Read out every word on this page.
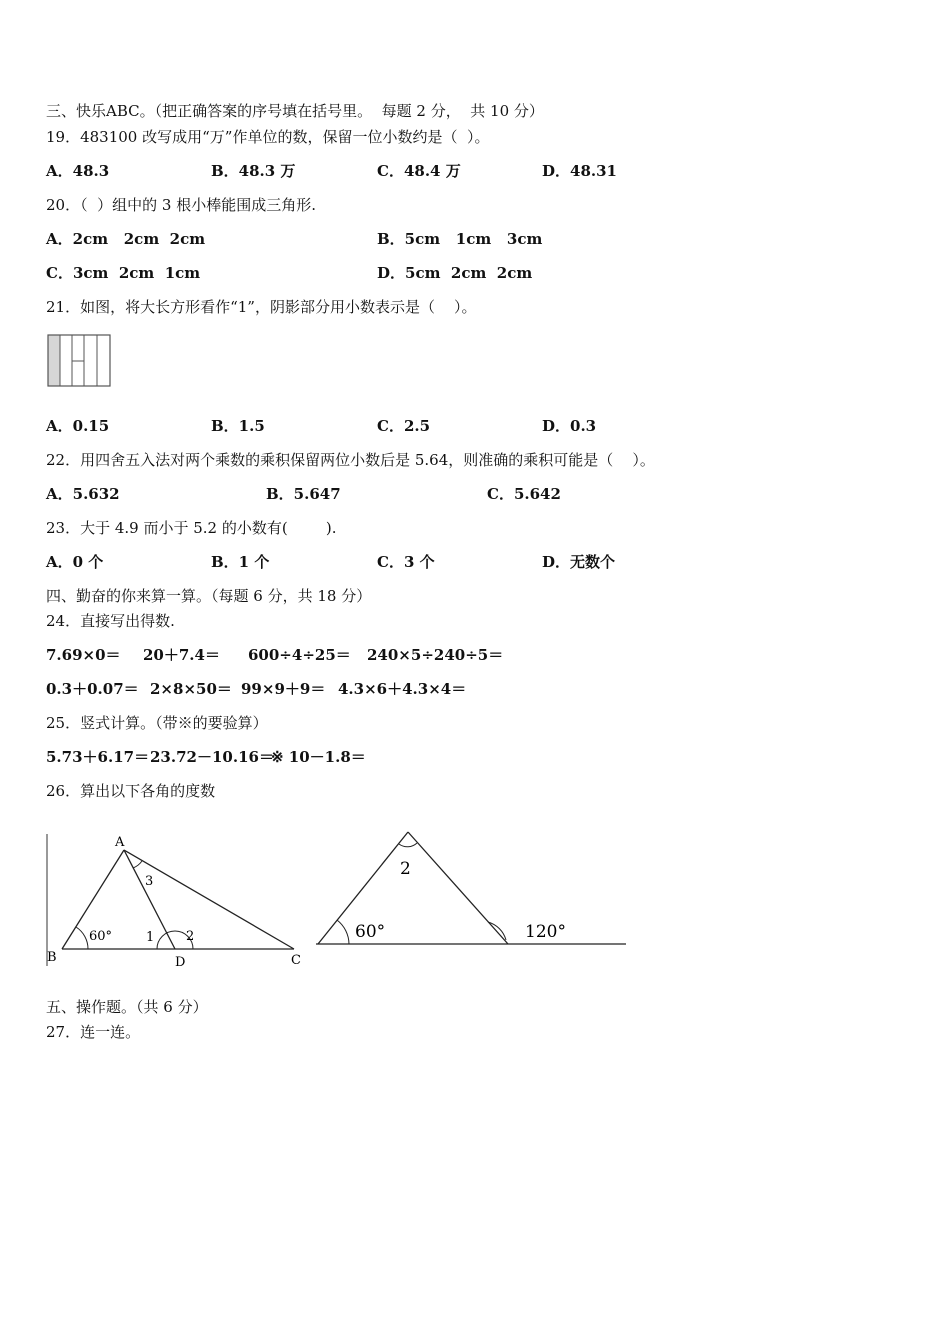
三、快乐ABC。（把正确答案的序号填在括号里。  每题 2 分，  共 10 分）
19．483100 改写成用“万”作单位的数，保留一位小数约是（  ）。
A．48.3	B．48.3 万	C．48.4 万	D．48.31
20．（  ）组中的 3 根小棒能围成三角形.
A．2cm   2cm  2cm	B．5cm   1cm   3cm
C．3cm  2cm  1cm	D．5cm  2cm  2cm
21．如图，将大长方形看作“1”，阴影部分用小数表示是（    ）。
A．0.15	B．1.5	C．2.5	D．0.3
22．用四舍五入法对两个乘数的乘积保留两位小数后是 5.64，则准确的乘积可能是（    ）。
A．5.632	B．5.647	C．5.642
23．大于 4.9 而小于 5.2 的小数有(        ).
A．0 个	B．1 个	C．3 个	D．无数个
四、勤奋的你来算一算。（每题 6 分，共 18 分）
24．直接写出得数.
7.69×0＝ 20＋7.4＝ 600÷4÷25＝ 240×5÷240÷5＝
0.3＋0.07＝ 2×8×50＝ 99×9＋9＝ 4.3×6＋4.3×4＝
25．竖式计算。（带※的要验算）
5.73＋6.17＝ 23.72－10.16＝
※ 10－1.8＝
26．算出以下各角的度数
A
B	C
D
1 2
3
60°
2
60°	120°
五、操作题。（共 6 分）
27．连一连。
